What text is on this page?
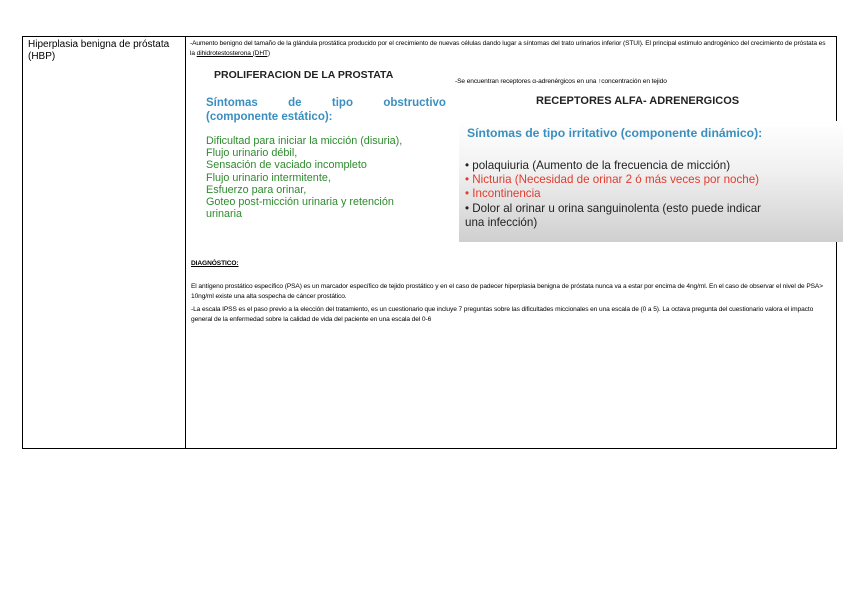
Hiperplasia benigna de próstata (HBP)
-Aumento benigno del tamaño de la glándula prostática producido por el crecimiento de nuevas células dando lugar a síntomas del trato urinarios inferior (STUI). El principal estimulo androgénico del crecimiento de próstata es la dihidrotestosterona (DHT)
PROLIFERACION DE LA PROSTATA
Síntomas	de	tipo	obstructivo
(componente estático):
Dificultad para iniciar la micción (disuria),
Flujo urinario débil,
Sensación de vaciado incompleto
Flujo urinario intermitente,
Esfuerzo para orinar,
Goteo post-micción urinaria y retención
urinaria
-Se encuentran receptores α-adrenérgicos en una ↑concentración en tejido
RECEPTORES ALFA- ADRENERGICOS
Síntomas de tipo irritativo (componente dinámico):
• polaquiuria (Aumento de la frecuencia de micción)
• Nicturia (Necesidad de orinar 2 ó más veces por noche)
• Incontinencia
• Dolor al orinar u orina sanguinolenta (esto puede indicar
una infección)
DIAGNÓSTICO:
El antígeno prostático específico (PSA) es un marcador específico de tejido prostático y en el caso de padecer hiperplasia benigna de próstata nunca va a estar por encima de 4ng/ml. En el caso de observar el nivel de PSA> 10ng/ml existe una alta sospecha de cáncer prostático.
-La escala IPSS es el paso previo a la elección del tratamiento, es un cuestionario que incluye 7 preguntas sobre las dificultades miccionales en una escala de (0 a 5). La octava pregunta del cuestionario valora el impacto general de la enfermedad sobre la calidad de vida del paciente en una escala del 0-6
